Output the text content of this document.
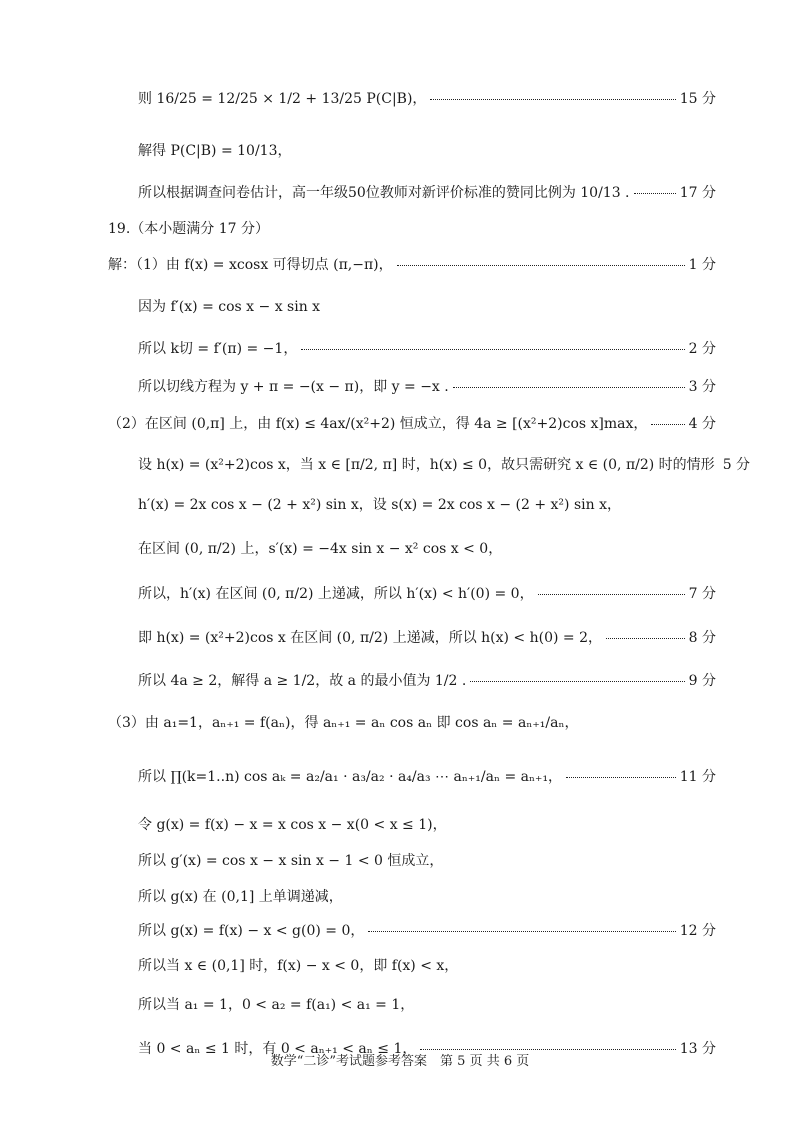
则 16/25 = 12/25 × 1/2 + 13/25 P(C|B)，	15 分
解得 P(C|B) = 10/13，
所以根据调查问卷估计，高一年级50位教师对新评价标准的赞同比例为 10/13 .	17 分
19.（本小题满分 17 分）
解：（1）由 f(x) = xcosx 可得切点 (π,−π)，	1 分
因为 f′(x) = cos x − x sin x
所以 k切 = f′(π) = −1，	2 分
所以切线方程为 y + π = −(x − π)，即 y = −x .	3 分
（2）在区间 (0,π] 上，由 f(x) ≤ 4ax/(x²+2) 恒成立，得 4a ≥ [(x²+2)cos x]max，	4 分
设 h(x) = (x²+2)cos x，当 x ∈ [π/2, π] 时，h(x) ≤ 0，故只需研究 x ∈ (0, π/2) 时的情形 5 分
h′(x) = 2x cos x − (2 + x²) sin x，设 s(x) = 2x cos x − (2 + x²) sin x，
在区间 (0, π/2) 上，s′(x) = −4x sin x − x² cos x < 0，
所以，h′(x) 在区间 (0, π/2) 上递减，所以 h′(x) < h′(0) = 0，	7 分
即 h(x) = (x²+2)cos x 在区间 (0, π/2) 上递减，所以 h(x) < h(0) = 2，	8 分
所以 4a ≥ 2，解得 a ≥ 1/2，故 a 的最小值为 1/2 .	9 分
（3）由 a₁=1，aₙ₊₁ = f(aₙ)，得 aₙ₊₁ = aₙ cos aₙ 即 cos aₙ = aₙ₊₁/aₙ，
所以 ∏(k=1..n) cos aₖ = a₂/a₁ · a₃/a₂ · a₄/a₃ ⋯ aₙ₊₁/aₙ = aₙ₊₁，	11 分
令 g(x) = f(x) − x = x cos x − x(0 < x ≤ 1)，
所以 g′(x) = cos x − x sin x − 1 < 0 恒成立，
所以 g(x) 在 (0,1] 上单调递减，
所以 g(x) = f(x) − x < g(0) = 0，	12 分
所以当 x ∈ (0,1] 时，f(x) − x < 0，即 f(x) < x，
所以当 a₁ = 1，0 < a₂ = f(a₁) < a₁ = 1，
当 0 < aₙ ≤ 1 时，有 0 < aₙ₊₁ < aₙ ≤ 1，	13 分
数学“二诊”考试题参考答案　第 5 页 共 6 页
